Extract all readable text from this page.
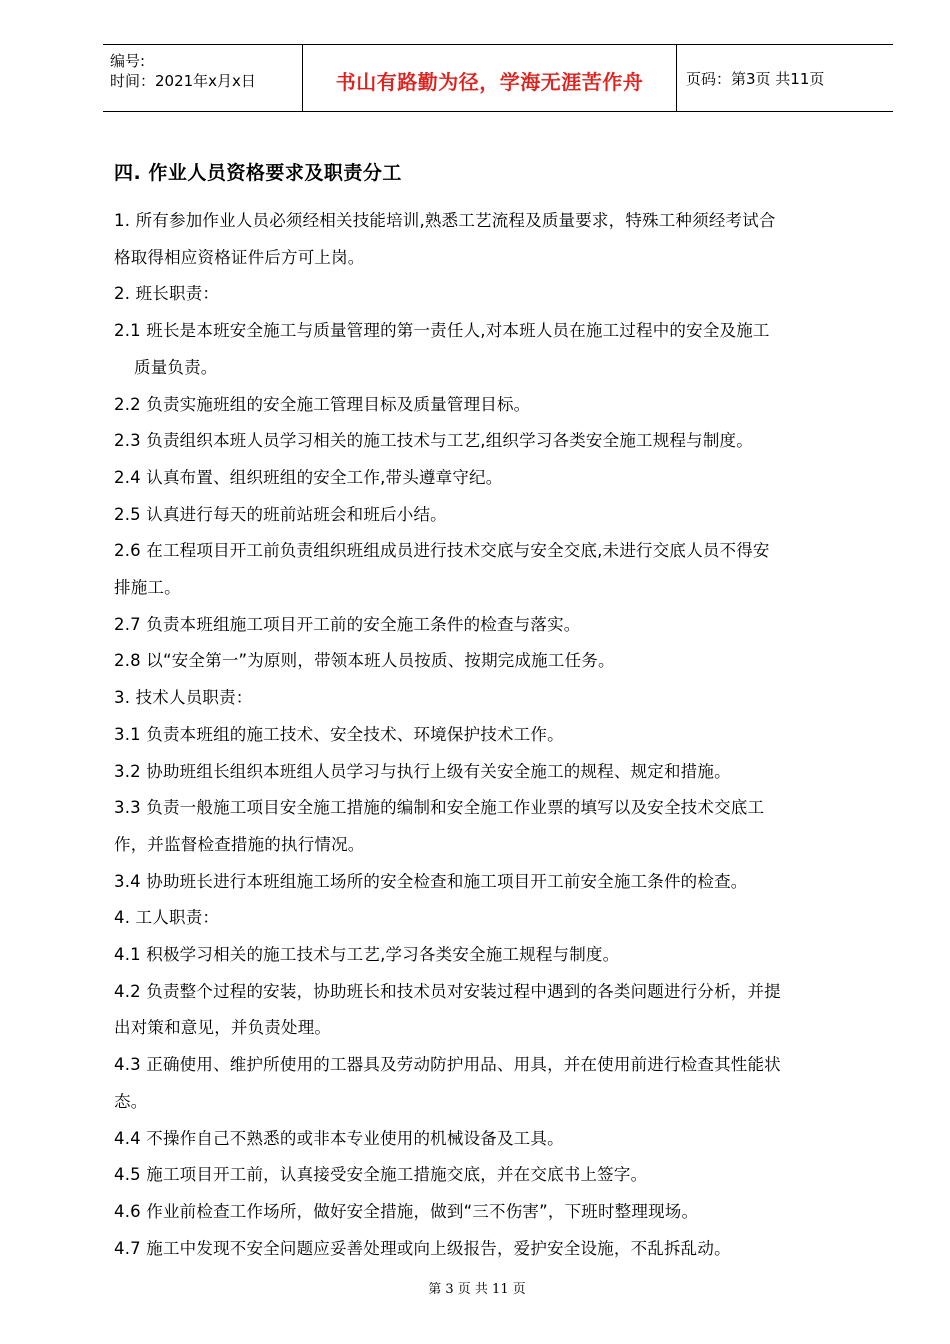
编号:
时间：2021年x月x日	书山有路勤为径，学海无涯苦作舟	页码：第3页 共11页
四. 作业人员资格要求及职责分工
1. 所有参加作业人员必须经相关技能培训,熟悉工艺流程及质量要求，特殊工种须经考试合
格取得相应资格证件后方可上岗。
2. 班长职责：
2.1 班长是本班安全施工与质量管理的第一责任人,对本班人员在施工过程中的安全及施工
质量负责。
2.2 负责实施班组的安全施工管理目标及质量管理目标。
2.3 负责组织本班人员学习相关的施工技术与工艺,组织学习各类安全施工规程与制度。
2.4 认真布置、组织班组的安全工作,带头遵章守纪。
2.5 认真进行每天的班前站班会和班后小结。
2.6 在工程项目开工前负责组织班组成员进行技术交底与安全交底,未进行交底人员不得安
排施工。
2.7 负责本班组施工项目开工前的安全施工条件的检查与落实。
2.8 以“安全第一”为原则，带领本班人员按质、按期完成施工任务。
3. 技术人员职责：
3.1 负责本班组的施工技术、安全技术、环境保护技术工作。
3.2 协助班组长组织本班组人员学习与执行上级有关安全施工的规程、规定和措施。
3.3 负责一般施工项目安全施工措施的编制和安全施工作业票的填写以及安全技术交底工
作，并监督检查措施的执行情况。
3.4 协助班长进行本班组施工场所的安全检查和施工项目开工前安全施工条件的检查。
4. 工人职责：
4.1 积极学习相关的施工技术与工艺,学习各类安全施工规程与制度。
4.2 负责整个过程的安装，协助班长和技术员对安装过程中遇到的各类问题进行分析，并提
出对策和意见，并负责处理。
4.3 正确使用、维护所使用的工器具及劳动防护用品、用具，并在使用前进行检查其性能状
态。
4.4 不操作自己不熟悉的或非本专业使用的机械设备及工具。
4.5 施工项目开工前，认真接受安全施工措施交底，并在交底书上签字。
4.6 作业前检查工作场所，做好安全措施，做到“三不伤害”，下班时整理现场。
4.7 施工中发现不安全问题应妥善处理或向上级报告，爱护安全设施，不乱拆乱动。
第 3 页 共 11 页
